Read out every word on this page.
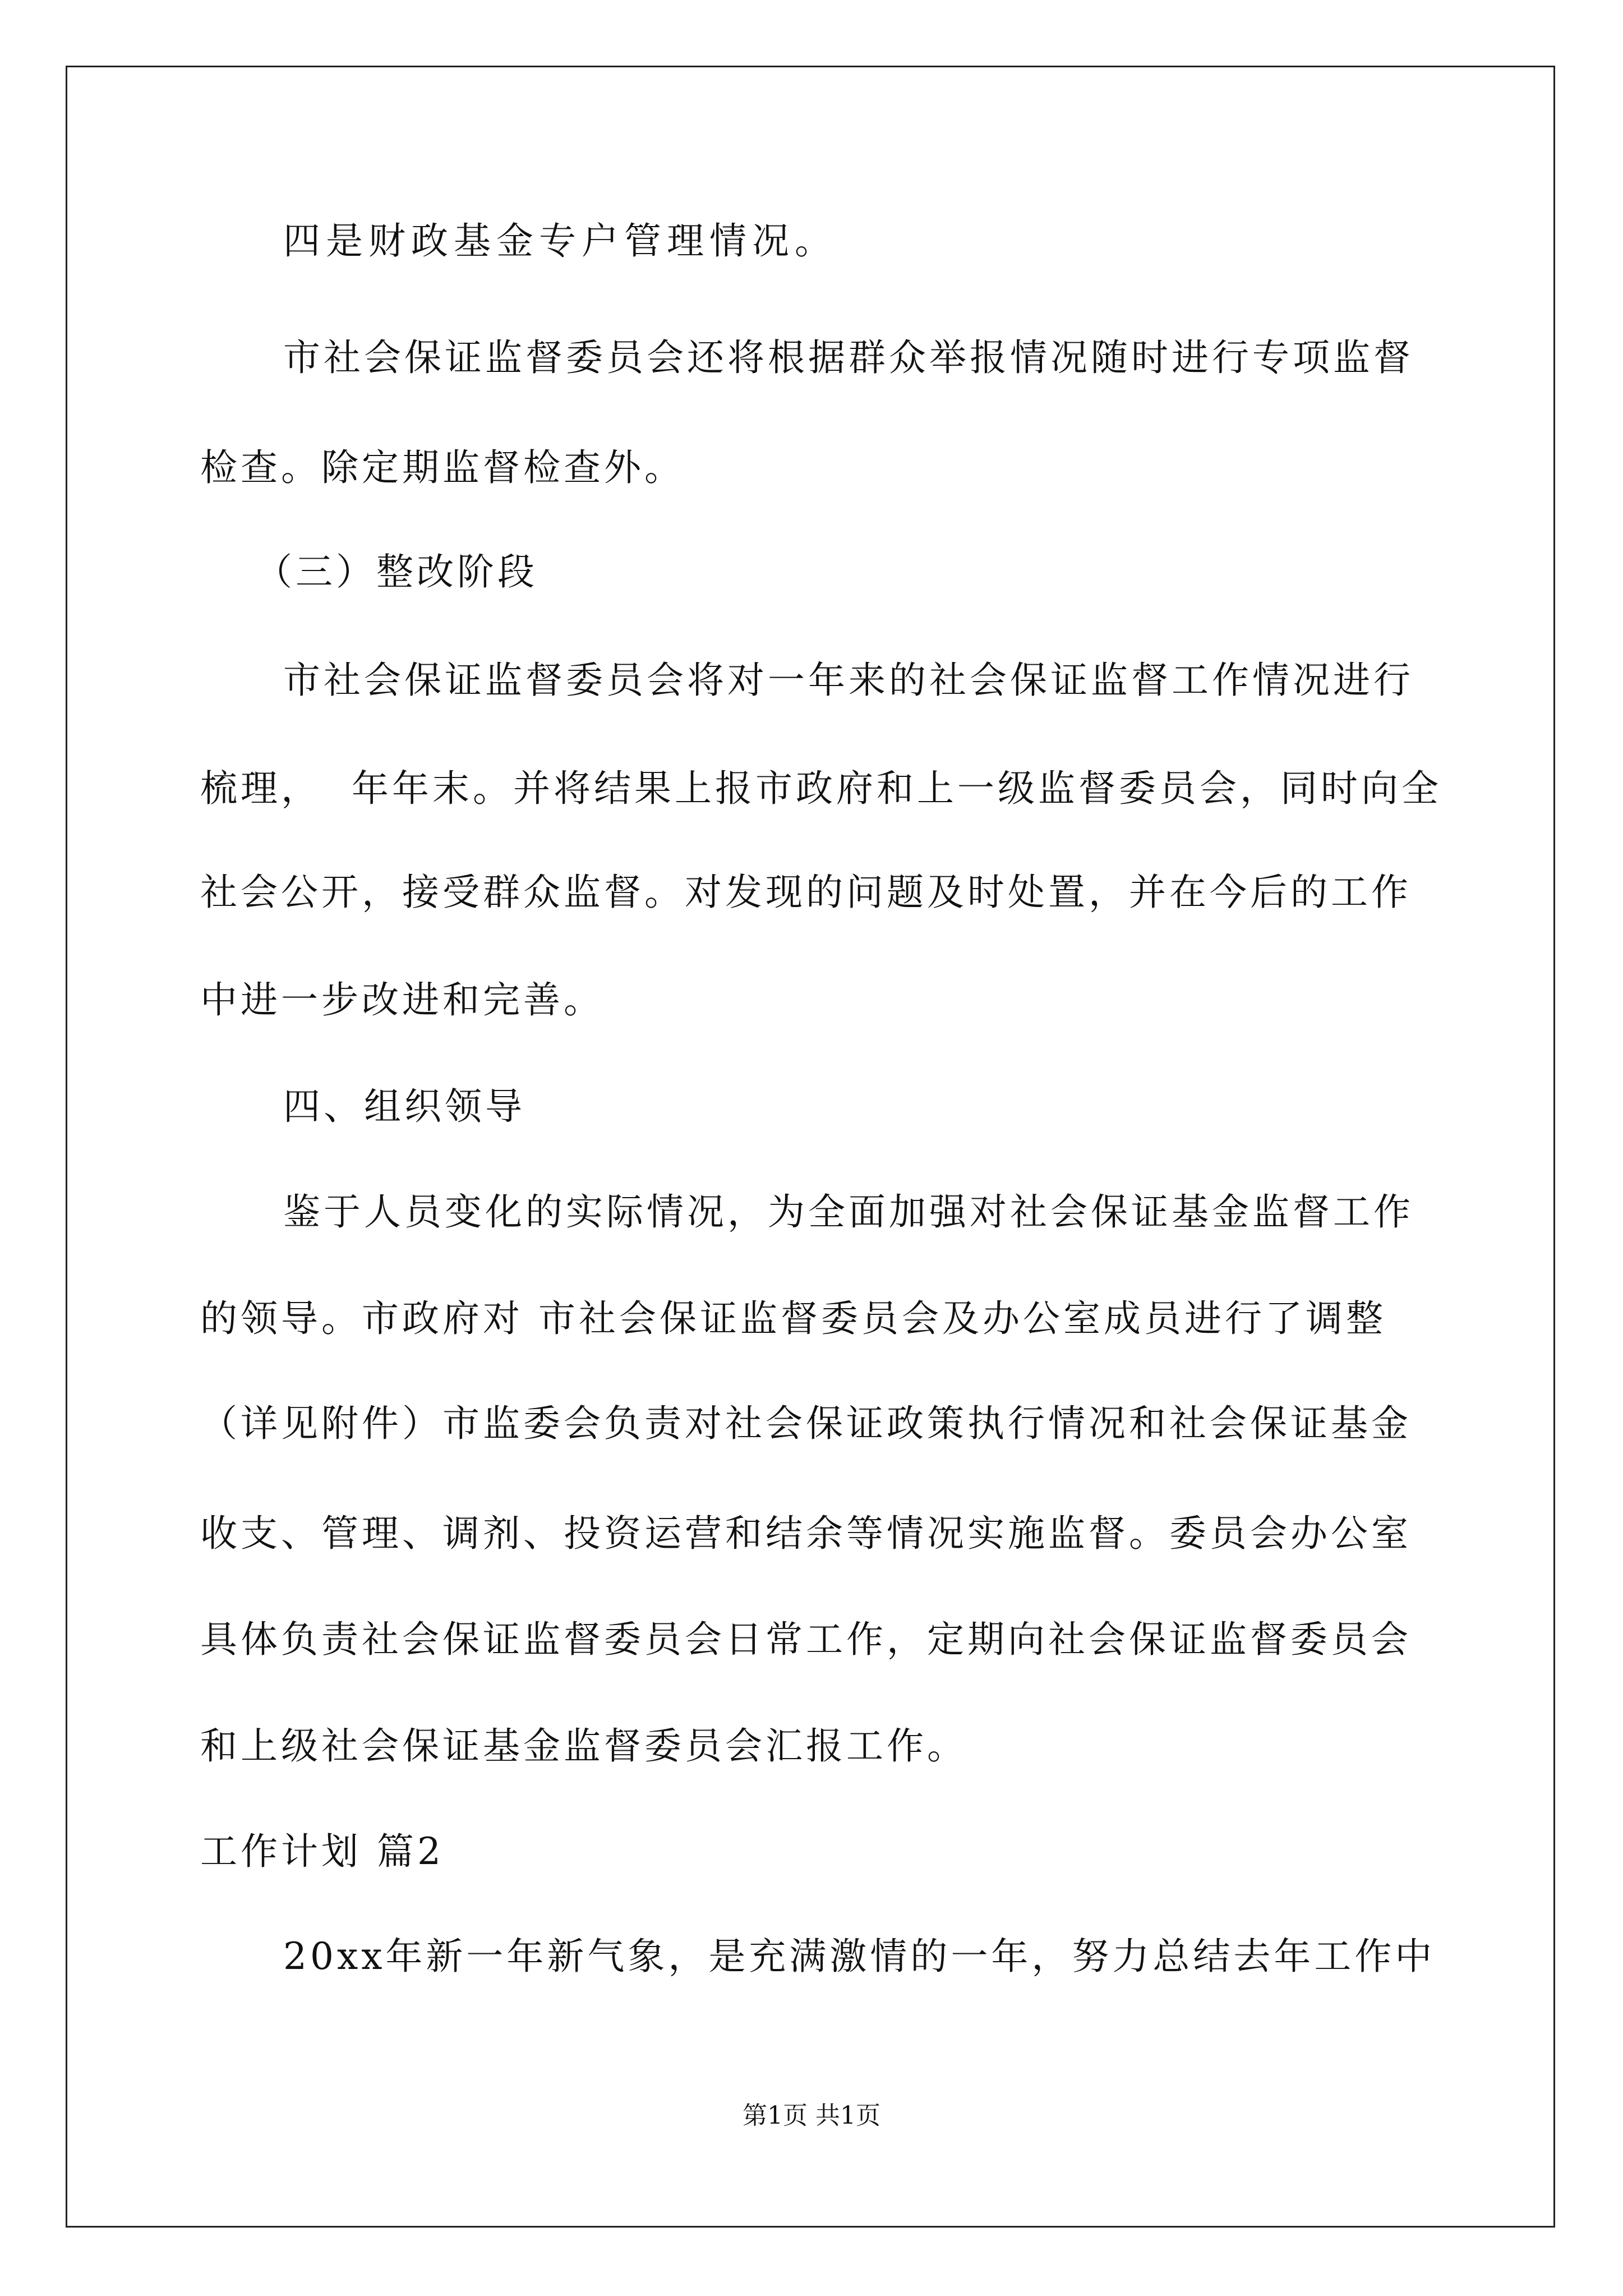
四是财政基金专户管理情况。

市社会保证监督委员会还将根据群众举报情况随时进行专项监督

检查。除定期监督检查外。

（三）整改阶段

市社会保证监督委员会将对一年来的社会保证监督工作情况进行

梳理，  年年末。并将结果上报市政府和上一级监督委员会，同时向全

社会公开，接受群众监督。对发现的问题及时处置，并在今后的工作

中进一步改进和完善。

四、组织领导

鉴于人员变化的实际情况，为全面加强对社会保证基金监督工作

的领导。市政府对 市社会保证监督委员会及办公室成员进行了调整

（详见附件）市监委会负责对社会保证政策执行情况和社会保证基金

收支、管理、调剂、投资运营和结余等情况实施监督。委员会办公室

具体负责社会保证监督委员会日常工作，定期向社会保证监督委员会

和上级社会保证基金监督委员会汇报工作。

工作计划 篇2

20xx年新一年新气象，是充满激情的一年，努力总结去年工作中

第1页 共1页
